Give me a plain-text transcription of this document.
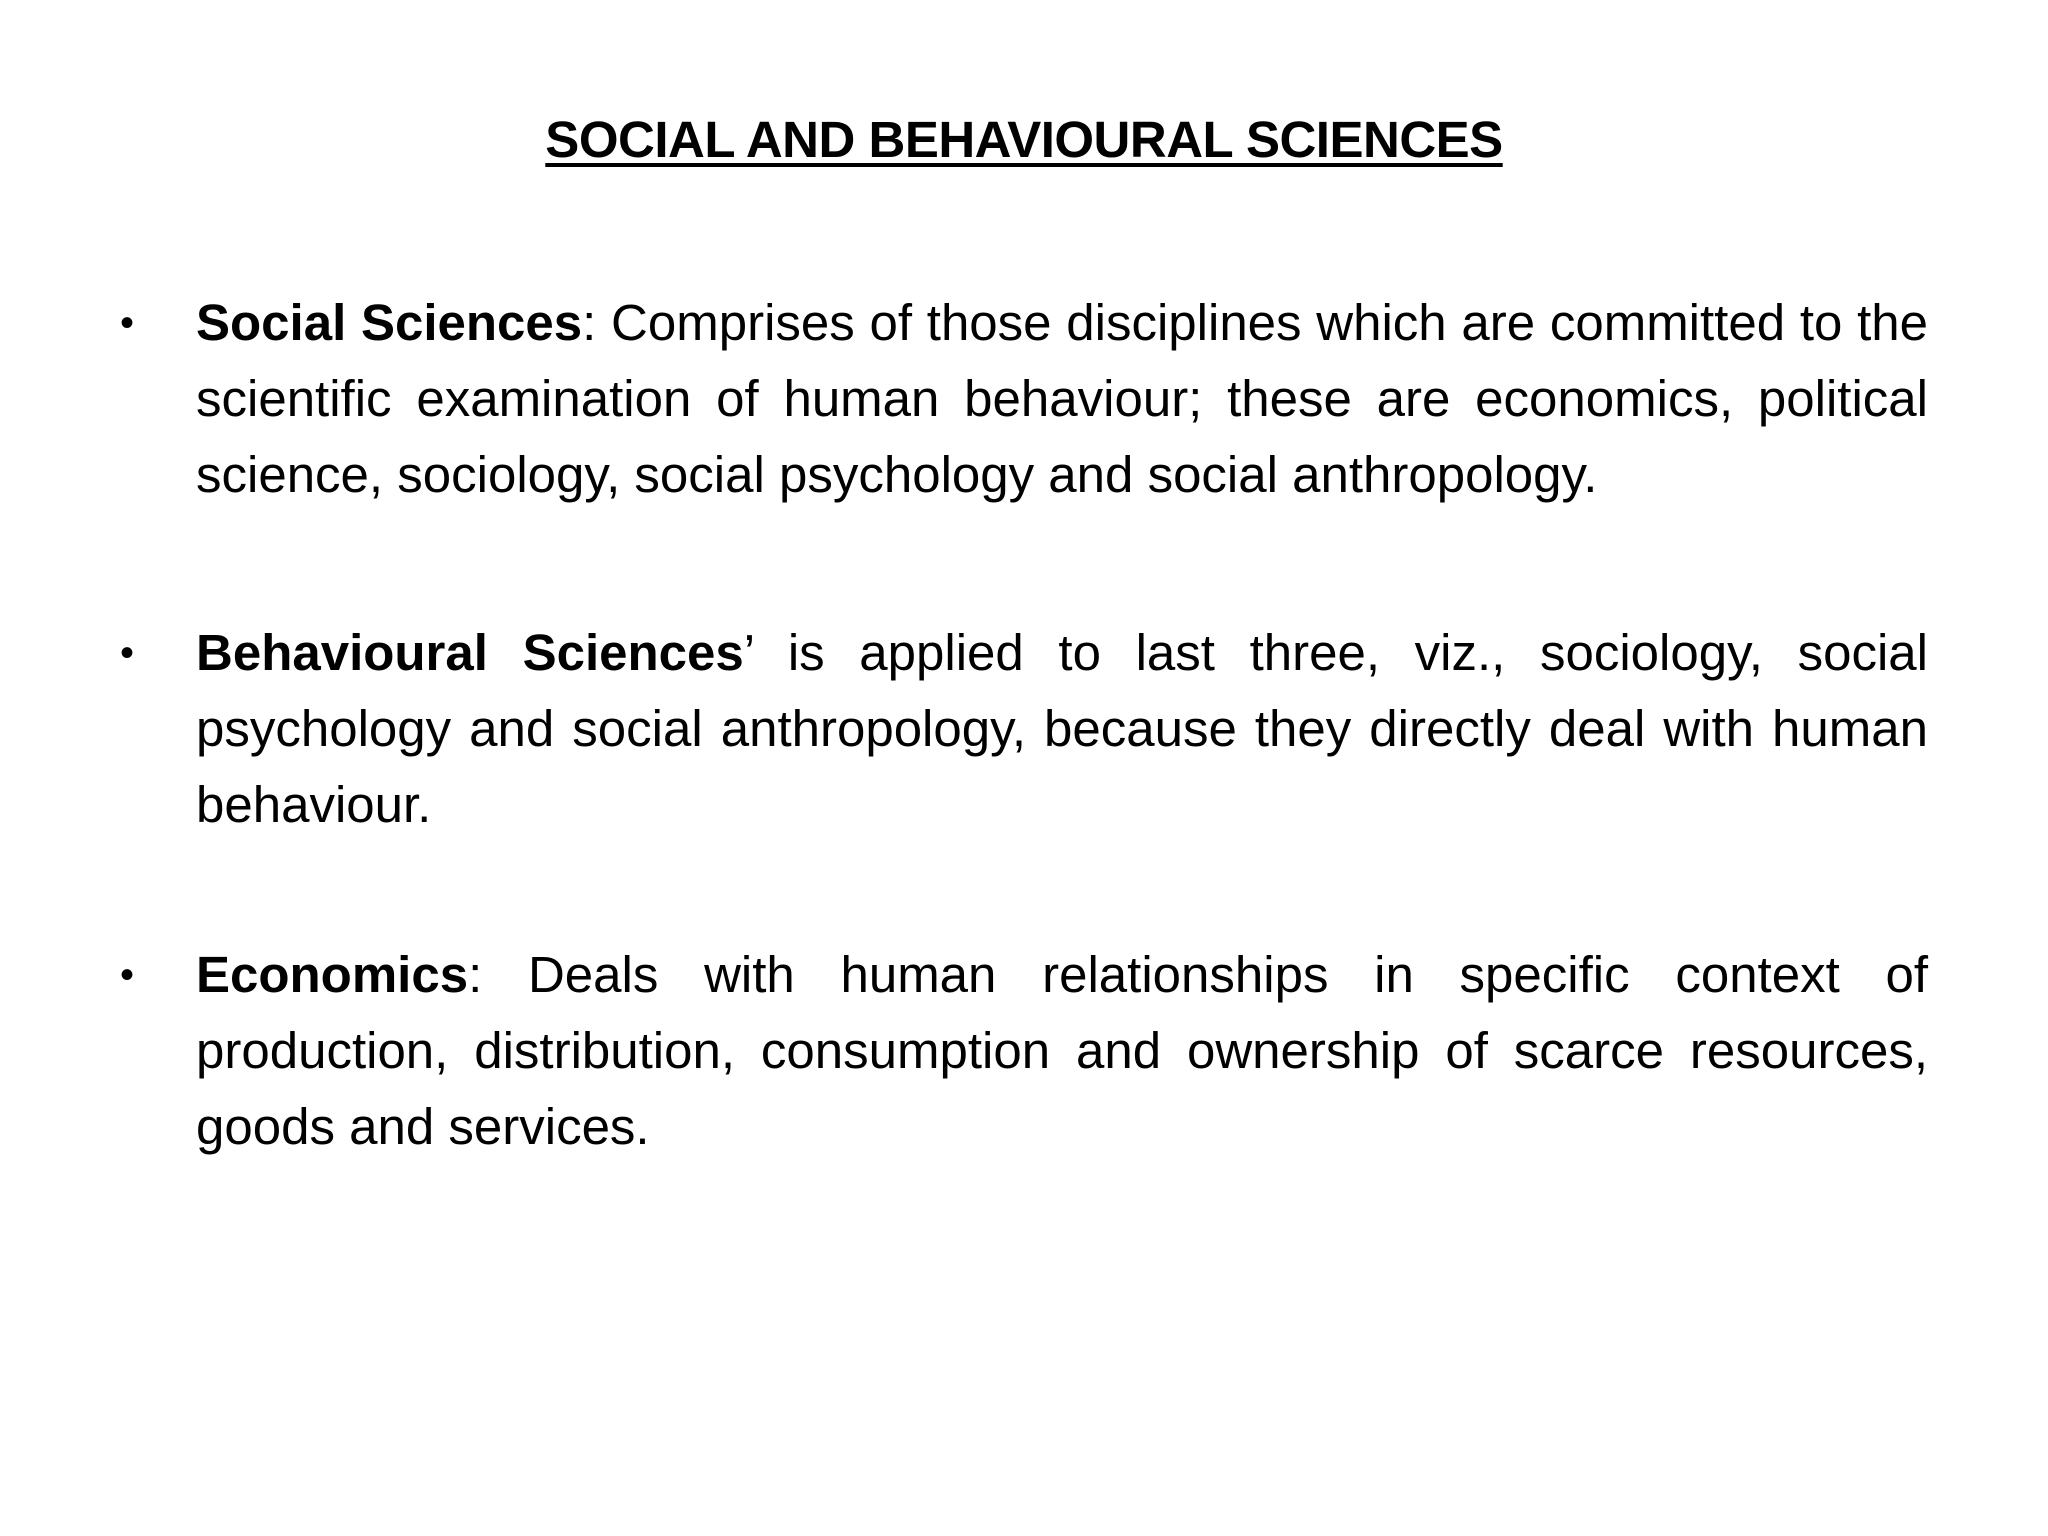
SOCIAL AND BEHAVIOURAL SCIENCES
•	Social Sciences: Comprises of those disciplines which are committed to the scientific examination of human behaviour; these are economics, political science, sociology, social psychology and social anthropology.
•	Behavioural Sciences’ is applied to last three, viz., sociology, social psychology and social anthropology, because they directly deal with human behaviour.
•	Economics: Deals with human relationships in specific context of production, distribution, consumption and ownership of scarce resources, goods and services.
